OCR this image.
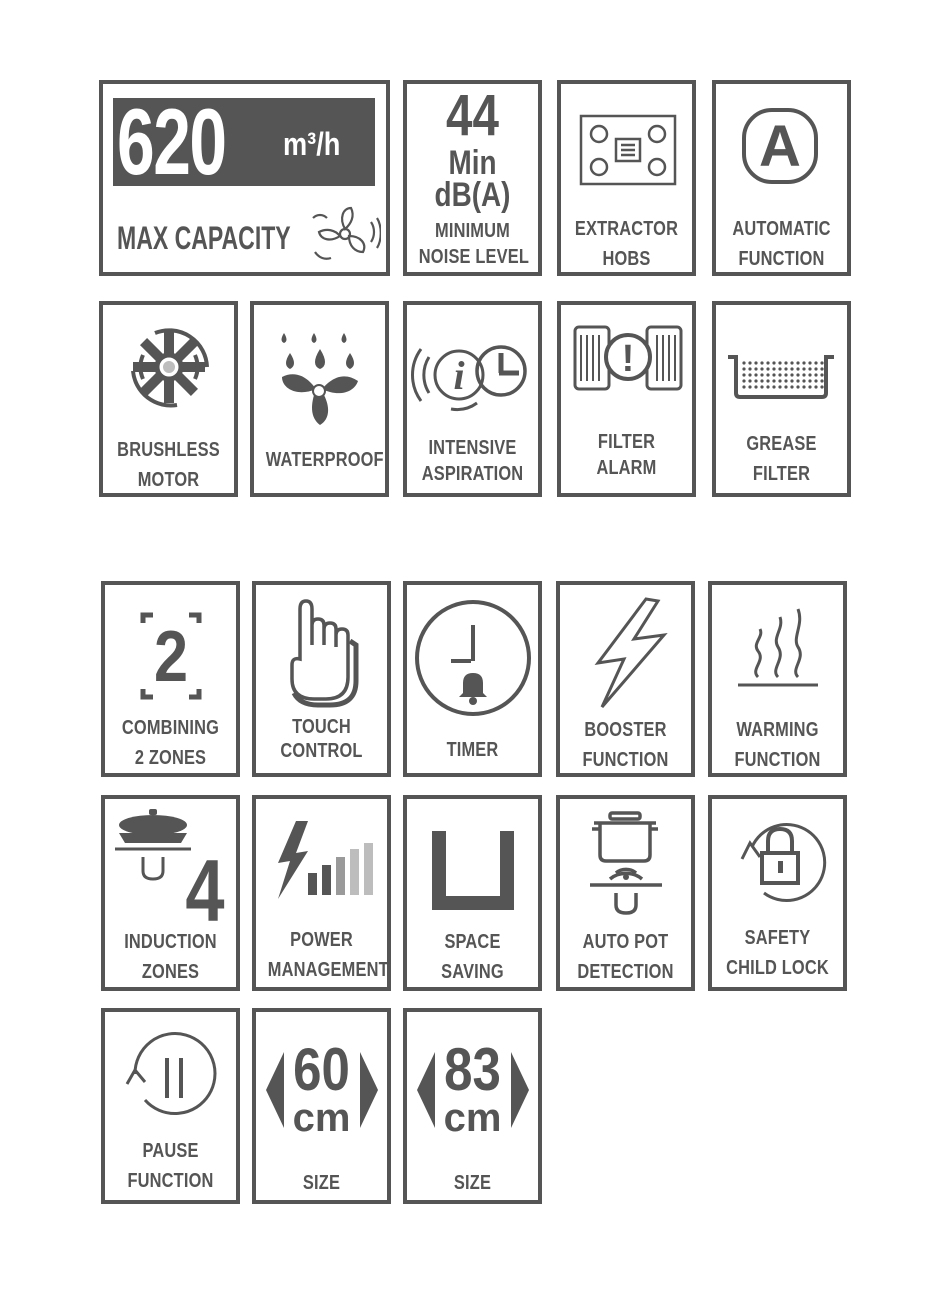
620 m³/h
MAX CAPACITY
44
Min
dB(A)
MINIMUM
NOISE LEVEL
EXTRACTOR
HOBS
A
AUTOMATIC
FUNCTION
BRUSHLESS
MOTOR
WATERPROOF
i
INTENSIVE
ASPIRATION
!
FILTER
ALARM
GREASE
FILTER
2
COMBINING
2 ZONES
TOUCH
CONTROL	TIMER
BOOSTER
FUNCTION
WARMING
FUNCTION
4
INDUCTION
ZONES
POWER
MANAGEMENT
SPACE
SAVING
AUTO POT
DETECTION
SAFETY
CHILD LOCK
PAUSE
FUNCTION
60
cm
SIZE
83
cm
SIZE
